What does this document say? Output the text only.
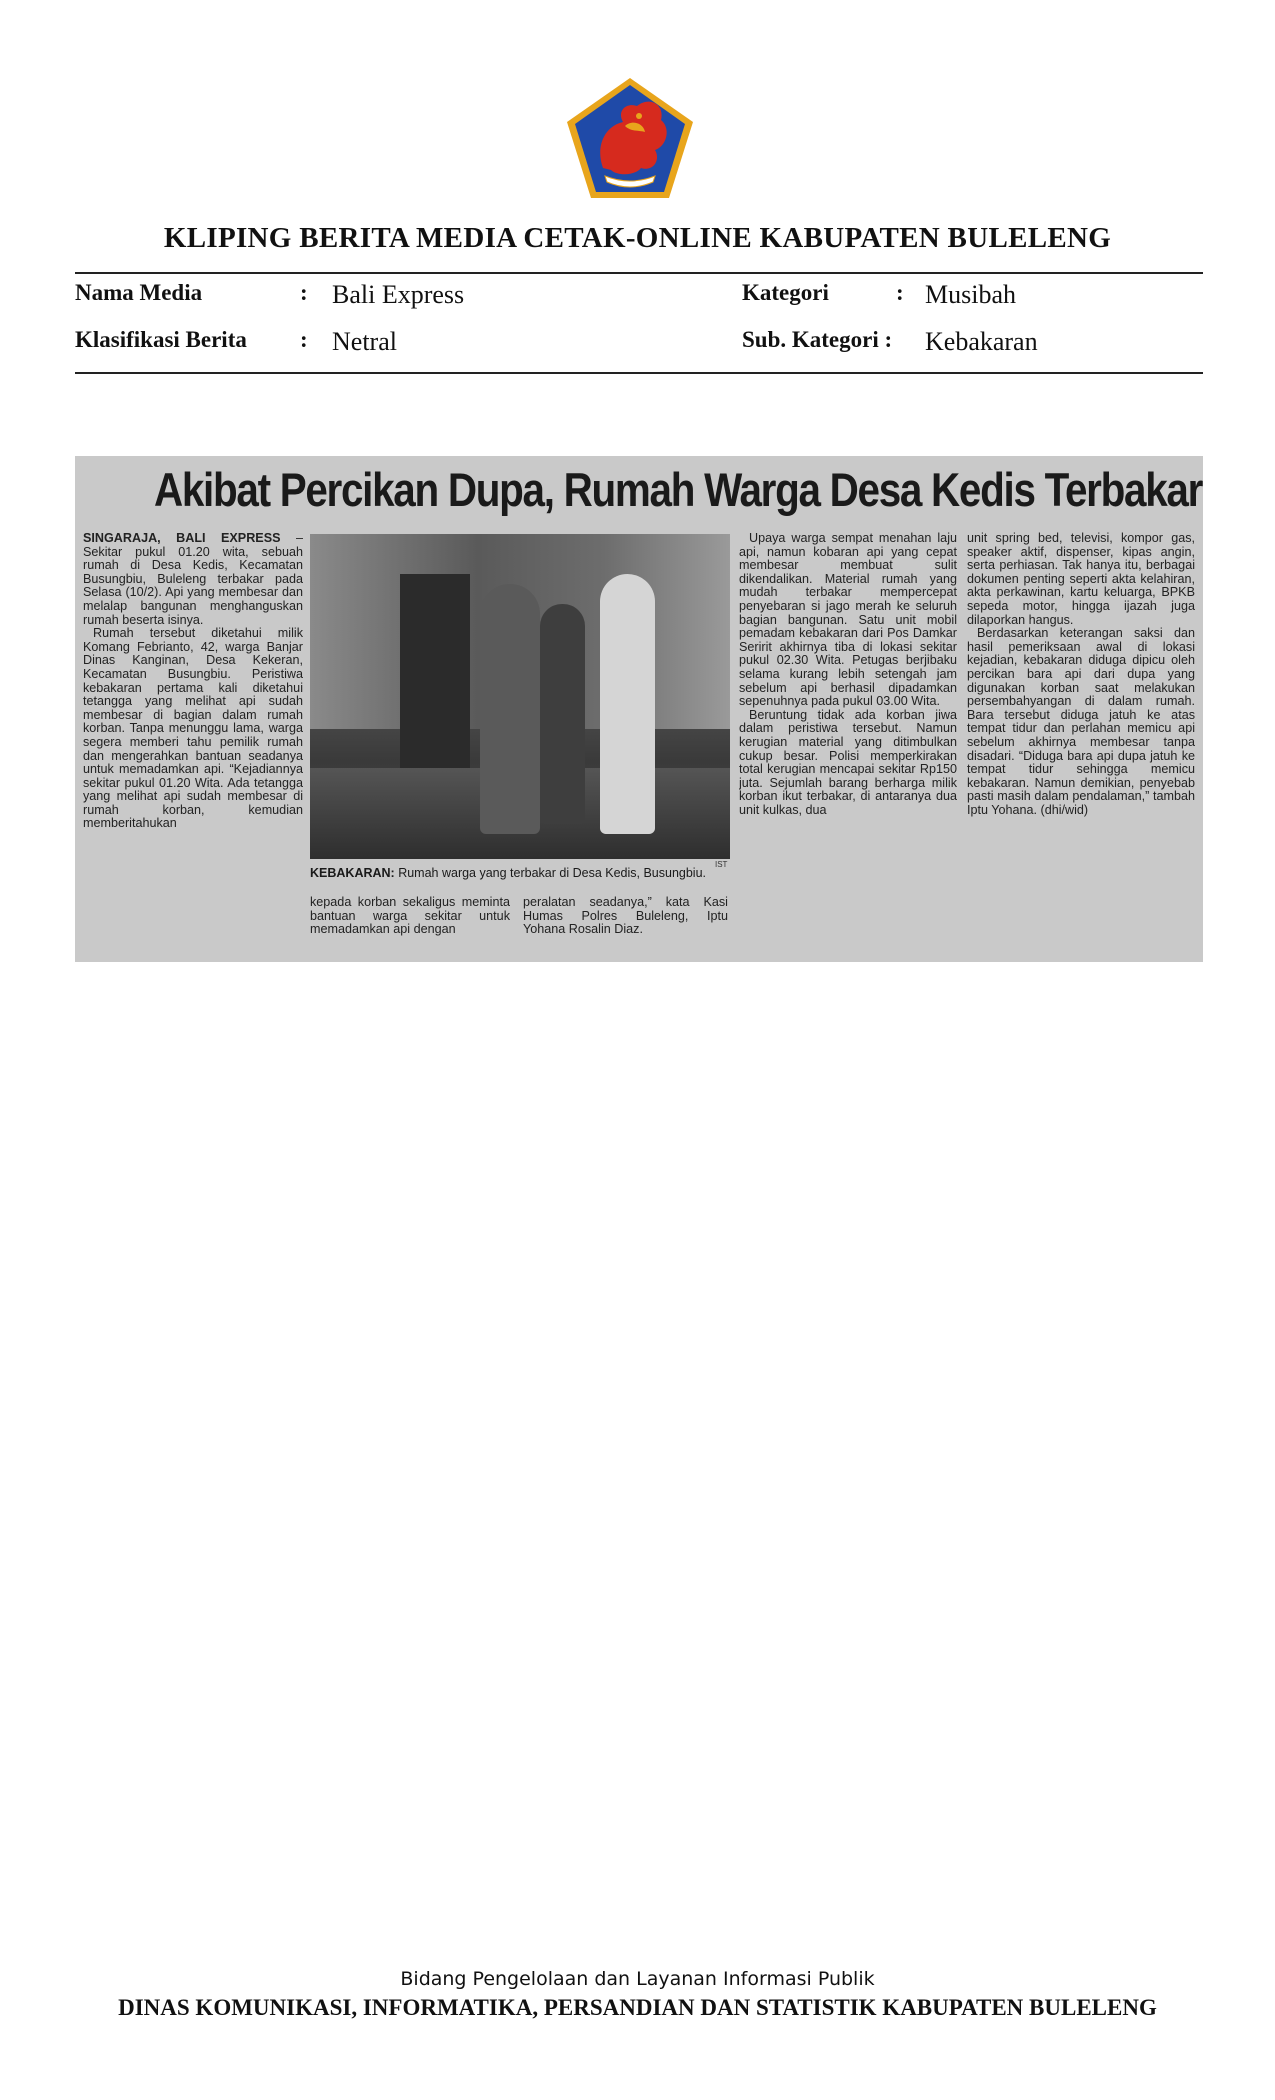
KLIPING BERITA MEDIA CETAK-ONLINE KABUPATEN BULELENG
Nama Media	: Bali Express	Kategori	: Musibah
Klasifikasi Berita : Netral	Sub. Kategori : Kebakaran
Akibat Percikan Dupa, Rumah Warga Desa Kedis Terbakar
SINGARAJA, BALI EXPRESS – Sekitar pukul 01.20 wita, sebuah rumah di Desa Kedis, Kecamatan Busungbiu, Buleleng terbakar pada Selasa (10/2). Api yang membesar dan melalap bangunan menghanguskan rumah beserta isinya.

Rumah tersebut diketahui milik Komang Febrianto, 42, warga Banjar Dinas Kanginan, Desa Kekeran, Kecamatan Busungbiu. Peristiwa kebakaran pertama kali diketahui tetangga yang melihat api sudah membesar di bagian dalam rumah korban. Tanpa menunggu lama, warga segera memberi tahu pemilik rumah dan mengerahkan bantuan seadanya untuk memadamkan api. “Kejadiannya sekitar pukul 01.20 Wita. Ada tetangga yang melihat api sudah membesar di rumah korban, kemudian memberitahukan

IST
KEBAKARAN: Rumah warga yang terbakar di Desa Kedis, Busungbiu.
kepada korban sekaligus meminta bantuan warga sekitar untuk memadamkan api dengan
peralatan seadanya,” kata Kasi Humas Polres Buleleng, Iptu Yohana Rosalin Diaz.

Upaya warga sempat menahan laju api, namun kobaran api yang cepat membesar membuat sulit dikendalikan. Material rumah yang mudah terbakar mempercepat penyebaran si jago merah ke seluruh bagian bangunan. Satu unit mobil pemadam kebakaran dari Pos Damkar Seririt akhirnya tiba di lokasi sekitar pukul 02.30 Wita. Petugas berjibaku selama kurang lebih setengah jam sebelum api berhasil dipadamkan sepenuhnya pada pukul 03.00 Wita.

Beruntung tidak ada korban jiwa dalam peristiwa tersebut. Namun kerugian material yang ditimbulkan cukup besar. Polisi memperkirakan total kerugian mencapai sekitar Rp150 juta. Sejumlah barang berharga milik korban ikut terbakar, di antaranya dua unit kulkas, dua

unit spring bed, televisi, kompor gas, speaker aktif, dispenser, kipas angin, serta perhiasan. Tak hanya itu, berbagai dokumen penting seperti akta kelahiran, akta perkawinan, kartu keluarga, BPKB sepeda motor, hingga ijazah juga dilaporkan hangus.

Berdasarkan keterangan saksi dan hasil pemeriksaan awal di lokasi kejadian, kebakaran diduga dipicu oleh percikan bara api dari dupa yang digunakan korban saat melakukan persembahyangan di dalam rumah. Bara tersebut diduga jatuh ke atas tempat tidur dan perlahan memicu api sebelum akhirnya membesar tanpa disadari. “Diduga bara api dupa jatuh ke tempat tidur sehingga memicu kebakaran. Namun demikian, penyebab pasti masih dalam pendalaman,” tambah Iptu Yohana. (dhi/wid)

Bidang Pengelolaan dan Layanan Informasi Publik
DINAS KOMUNIKASI, INFORMATIKA, PERSANDIAN DAN STATISTIK KABUPATEN BULELENG
